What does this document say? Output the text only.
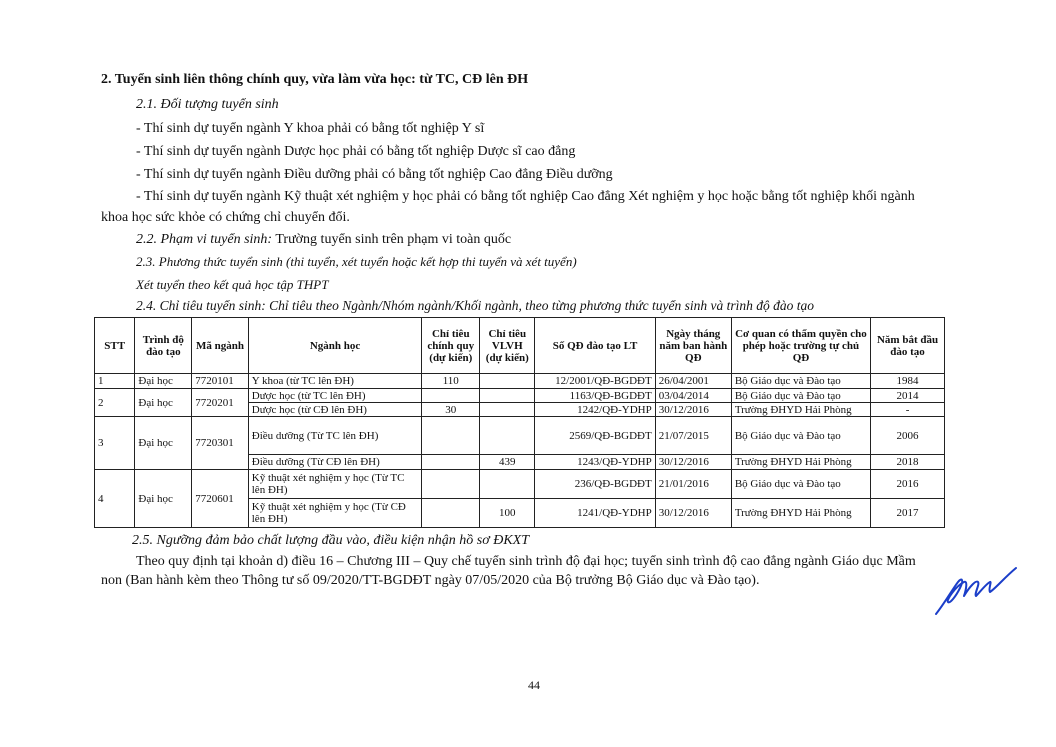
2. Tuyển sinh liên thông chính quy, vừa làm vừa học: từ TC, CĐ lên ĐH
2.1. Đối tượng tuyển sinh
- Thí sinh dự tuyển ngành Y khoa phải có bằng tốt nghiệp Y sĩ
- Thí sinh dự tuyển ngành Dược học phải có bằng tốt nghiệp Dược sĩ cao đẳng
- Thí sinh dự tuyển ngành Điều dưỡng phải có bằng tốt nghiệp Cao đẳng Điều dưỡng
- Thí sinh dự tuyển ngành Kỹ thuật xét nghiệm y học phải có bằng tốt nghiệp Cao đẳng Xét nghiệm y học hoặc bằng tốt nghiệp khối ngành
khoa học sức khỏe có chứng chỉ chuyển đổi.
2.2. Phạm vi tuyển sinh: Trường tuyển sinh trên phạm vi toàn quốc
2.3. Phương thức tuyển sinh (thi tuyển, xét tuyển hoặc kết hợp thi tuyển và xét tuyển)
Xét tuyển theo kết quả học tập THPT
2.4. Chỉ tiêu tuyển sinh: Chỉ tiêu theo Ngành/Nhóm ngành/Khối ngành, theo từng phương thức tuyển sinh và trình độ đào tạo
STT	Trình độ đào tạo	Mã ngành	Ngành học	Chỉ tiêu chính quy (dự kiến)	Chỉ tiêu VLVH (dự kiến)	Số QĐ đào tạo LT	Ngày tháng năm ban hành QĐ	Cơ quan có thẩm quyền cho phép hoặc trường tự chủ QĐ	Năm bắt đầu đào tạo
1	Đại học	7720101	Y khoa (từ TC lên ĐH)	110		12/2001/QĐ-BGDĐT	26/04/2001	Bộ Giáo dục và Đào tạo	1984
2	Đại học	7720201	Dược học (từ TC lên ĐH)			1163/QĐ-BGDĐT	03/04/2014	Bộ Giáo dục và Đào tạo	2014
			Dược học (từ CĐ lên ĐH)	30		1242/QĐ-YDHP	30/12/2016	Trường ĐHYD Hải Phòng	-
3	Đại học	7720301	Điều dưỡng (Từ TC lên ĐH)			2569/QĐ-BGDĐT	21/07/2015	Bộ Giáo dục và Đào tạo	2006
			Điều dưỡng (Từ CĐ lên ĐH)		439	1243/QĐ-YDHP	30/12/2016	Trường ĐHYD Hải Phòng	2018
4	Đại học	7720601	Kỹ thuật xét nghiệm y học (Từ TC lên ĐH)			236/QĐ-BGDĐT	21/01/2016	Bộ Giáo dục và Đào tạo	2016
			Kỹ thuật xét nghiệm y học (Từ CĐ lên ĐH)		100	1241/QĐ-YDHP	30/12/2016	Trường ĐHYD Hải Phòng	2017
2.5. Ngưỡng đảm bảo chất lượng đầu vào, điều kiện nhận hồ sơ ĐKXT
Theo quy định tại khoản d) điều 16 – Chương III – Quy chế tuyển sinh trình độ đại học; tuyển sinh trình độ cao đẳng ngành Giáo dục Mầm
non (Ban hành kèm theo Thông tư số 09/2020/TT-BGDĐT ngày 07/05/2020 của Bộ trưởng Bộ Giáo dục và Đào tạo).
44
